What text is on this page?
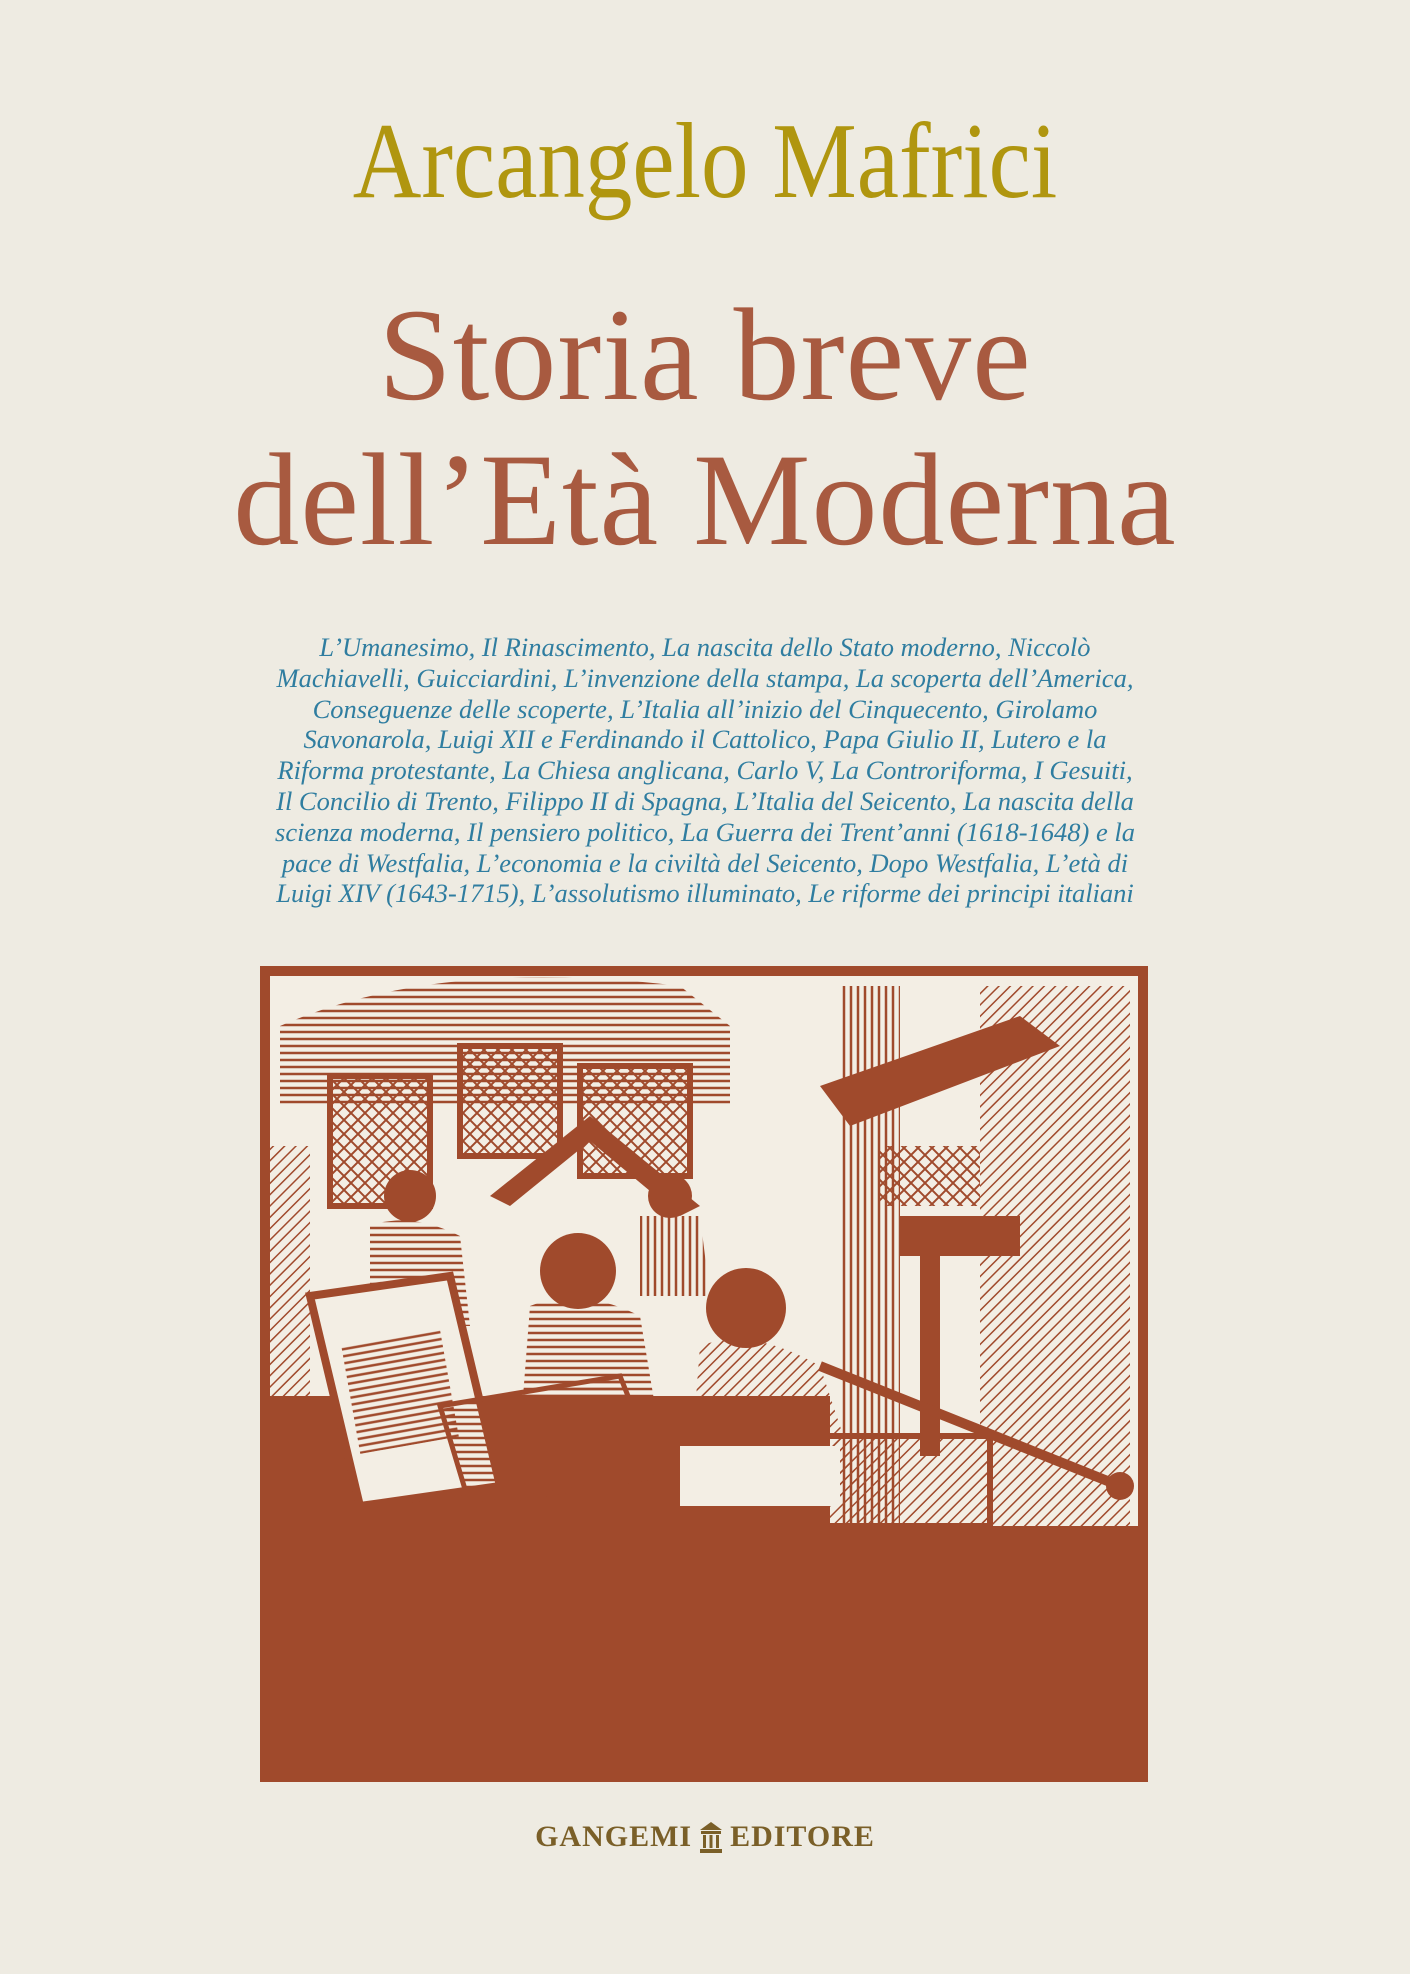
Arcangelo Mafrici
Storia breve
dell’Età Moderna
L’Umanesimo, Il Rinascimento, La nascita dello Stato moderno, Niccolò
Machiavelli, Guicciardini, L’invenzione della stampa, La scoperta dell’America,
Conseguenze delle scoperte, L’Italia all’inizio del Cinquecento, Girolamo
Savonarola, Luigi XII e Ferdinando il Cattolico, Papa Giulio II, Lutero e la
Riforma protestante, La Chiesa anglicana, Carlo V, La Controriforma, I Gesuiti,
Il Concilio di Trento, Filippo II di Spagna, L’Italia del Seicento, La nascita della
scienza moderna, Il pensiero politico, La Guerra dei Trent’anni (1618-1648) e la
pace di Westfalia, L’economia e la civiltà del Seicento, Dopo Westfalia, L’età di
Luigi XIV (1643-1715), L’assolutismo illuminato, Le riforme dei principi italiani
GANGEMI EDITORE
